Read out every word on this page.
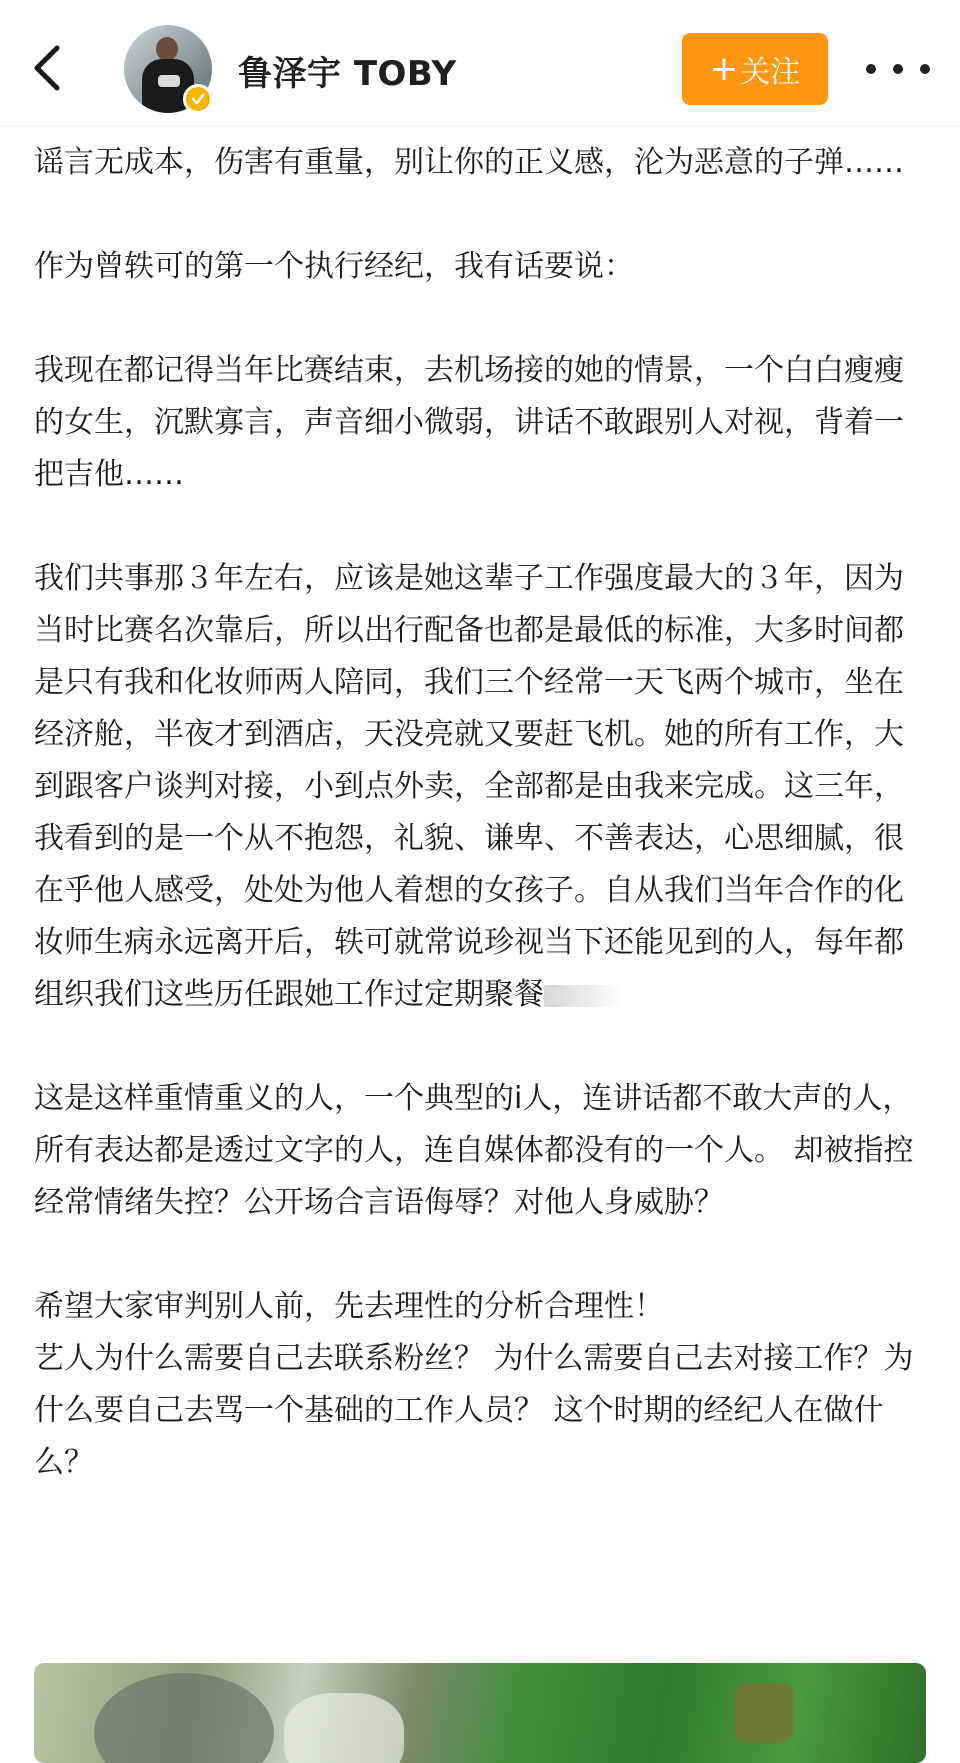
鲁泽宇 TOBY	+ 关注

谣言无成本，伤害有重量，别让你的正义感，沦为恶意的子弹……

作为曾轶可的第一个执行经纪，我有话要说：

我现在都记得当年比赛结束，去机场接的她的情景，一个白白瘦瘦的女生，沉默寡言，声音细小微弱，讲话不敢跟别人对视，背着一把吉他……

我们共事那３年左右，应该是她这辈子工作强度最大的３年，因为当时比赛名次靠后，所以出行配备也都是最低的标准，大多时间都是只有我和化妆师两人陪同，我们三个经常一天飞两个城市，坐在经济舱，半夜才到酒店，天没亮就又要赶飞机。她的所有工作，大到跟客户谈判对接，小到点外卖，全部都是由我来完成。这三年，我看到的是一个从不抱怨，礼貌、谦卑、不善表达，心思细腻，很在乎他人感受，处处为他人着想的女孩子。自从我们当年合作的化妆师生病永远离开后，轶可就常说珍视当下还能见到的人，每年都组织我们这些历任跟她工作过定期聚餐

这是这样重情重义的人，一个典型的i人，连讲话都不敢大声的人， 所有表达都是透过文字的人，连自媒体都没有的一个人。 却被指控经常情绪失控？公开场合言语侮辱？对他人身威胁？

希望大家审判别人前，先去理性的分析合理性！

艺人为什么需要自己去联系粉丝？ 为什么需要自己去对接工作？为什么要自己去骂一个基础的工作人员？ 这个时期的经纪人在做什么？
